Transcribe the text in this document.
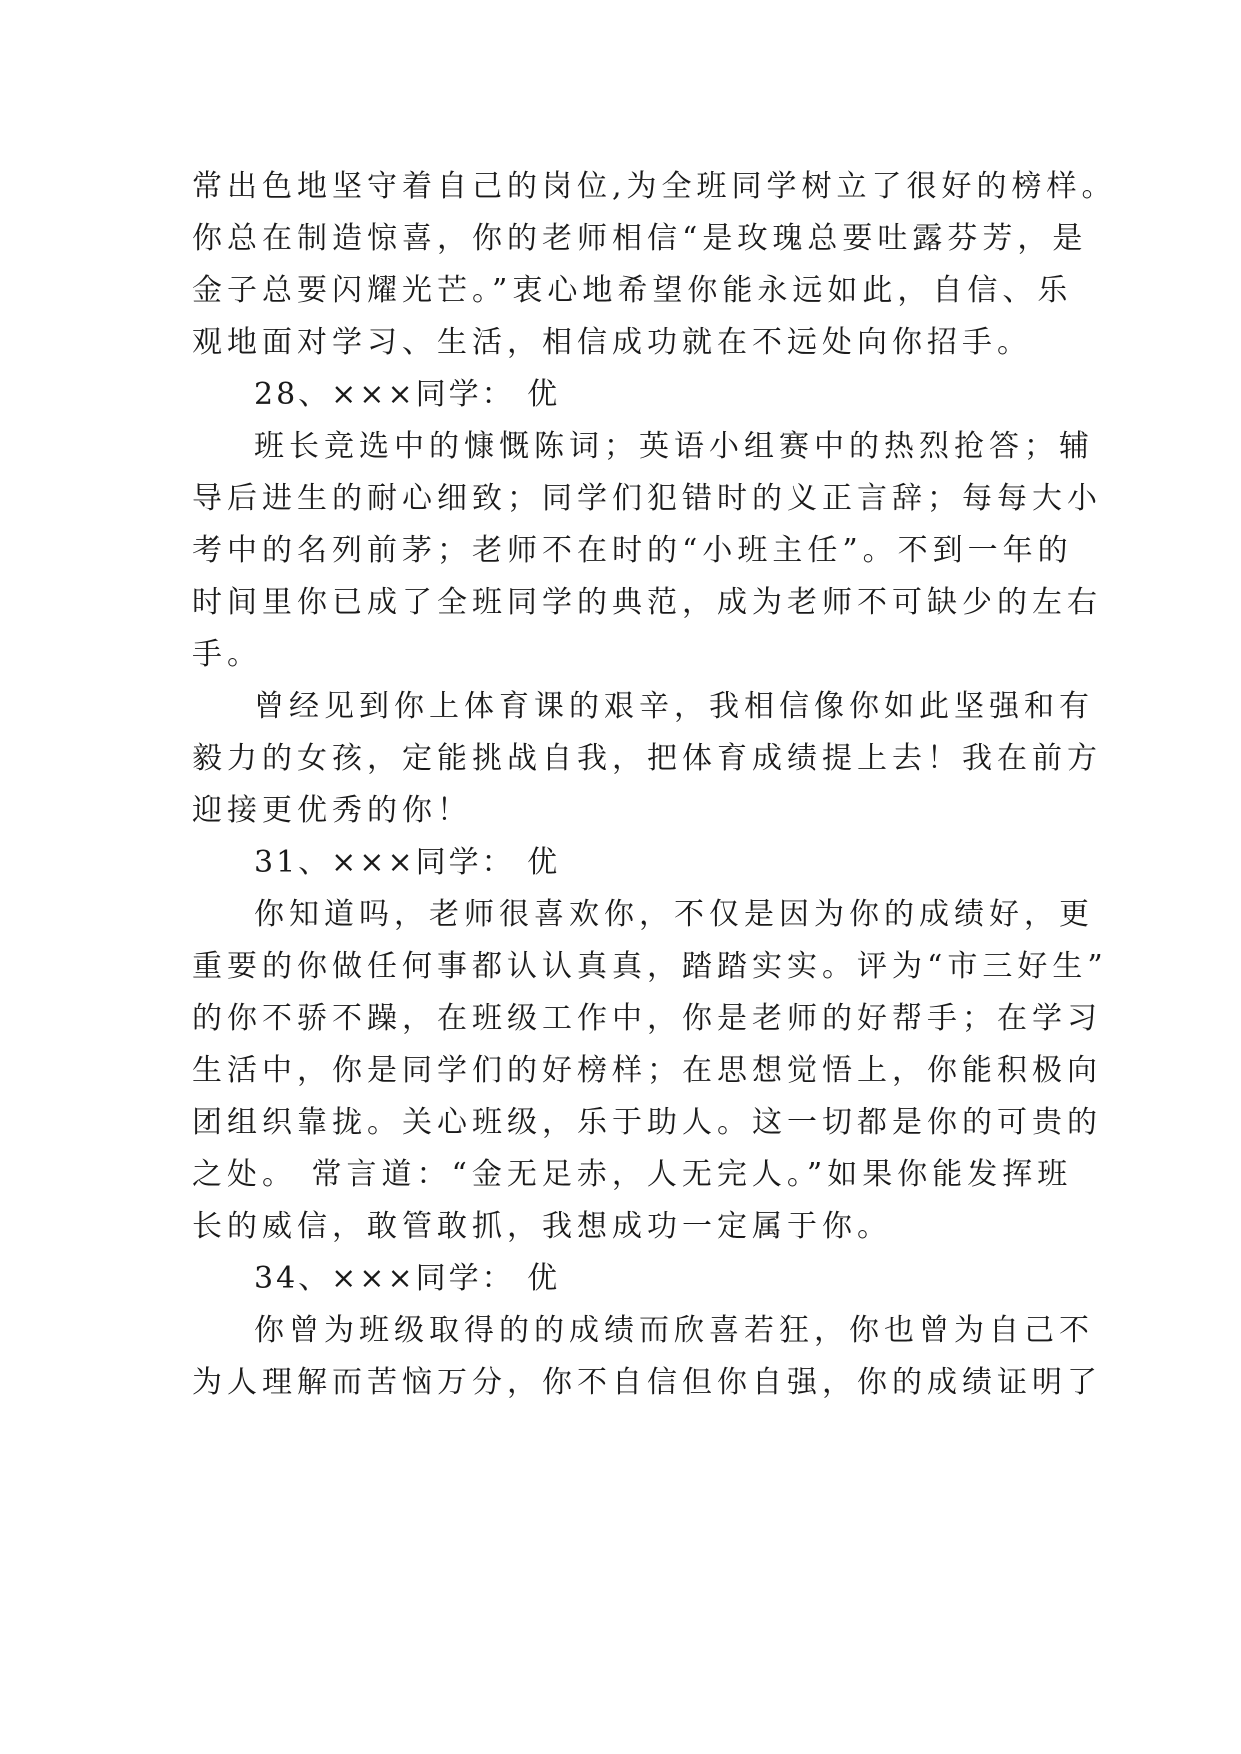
常出色地坚守着自己的岗位,为全班同学树立了很好的榜样。

你总在制造惊喜，你的老师相信“是玫瑰总要吐露芬芳，是

金子总要闪耀光芒。”衷心地希望你能永远如此，自信、乐

观地面对学习、生活，相信成功就在不远处向你招手。

28、×××同学： 优

班长竞选中的慷慨陈词；英语小组赛中的热烈抢答；辅

导后进生的耐心细致；同学们犯错时的义正言辞；每每大小

考中的名列前茅；老师不在时的“小班主任”。不到一年的

时间里你已成了全班同学的典范，成为老师不可缺少的左右

手。

曾经见到你上体育课的艰辛，我相信像你如此坚强和有

毅力的女孩，定能挑战自我，把体育成绩提上去！我在前方

迎接更优秀的你！

31、×××同学： 优

你知道吗，老师很喜欢你，不仅是因为你的成绩好，更

重要的你做任何事都认认真真，踏踏实实。评为“市三好生”

的你不骄不躁，在班级工作中，你是老师的好帮手；在学习

生活中，你是同学们的好榜样；在思想觉悟上，你能积极向

团组织靠拢。关心班级，乐于助人。这一切都是你的可贵的

之处。 常言道：“金无足赤，人无完人。”如果你能发挥班

长的威信，敢管敢抓，我想成功一定属于你。

34、×××同学： 优

你曾为班级取得的的成绩而欣喜若狂，你也曾为自己不

为人理解而苦恼万分，你不自信但你自强，你的成绩证明了
